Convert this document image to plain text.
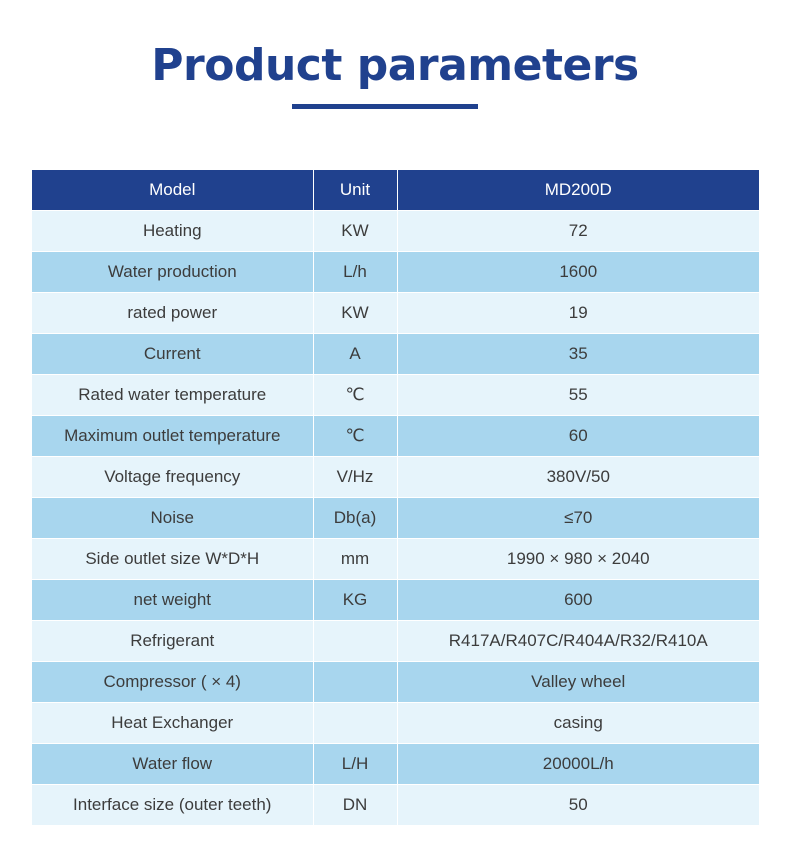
Product parameters
Model	Unit	MD200D
Heating	KW	72
Water production	L/h	1600
rated power	KW	19
Current	A	35
Rated water temperature	℃	55
Maximum outlet temperature	℃	60
Voltage frequency	V/Hz	380V/50
Noise	Db(a)	≤70
Side outlet size W*D*H	mm	1990 × 980 × 2040
net weight	KG	600
Refrigerant		R417A/R407C/R404A/R32/R410A
Compressor ( × 4)		Valley wheel
Heat Exchanger		casing
Water flow	L/H	20000L/h
Interface size (outer teeth)	DN	50
